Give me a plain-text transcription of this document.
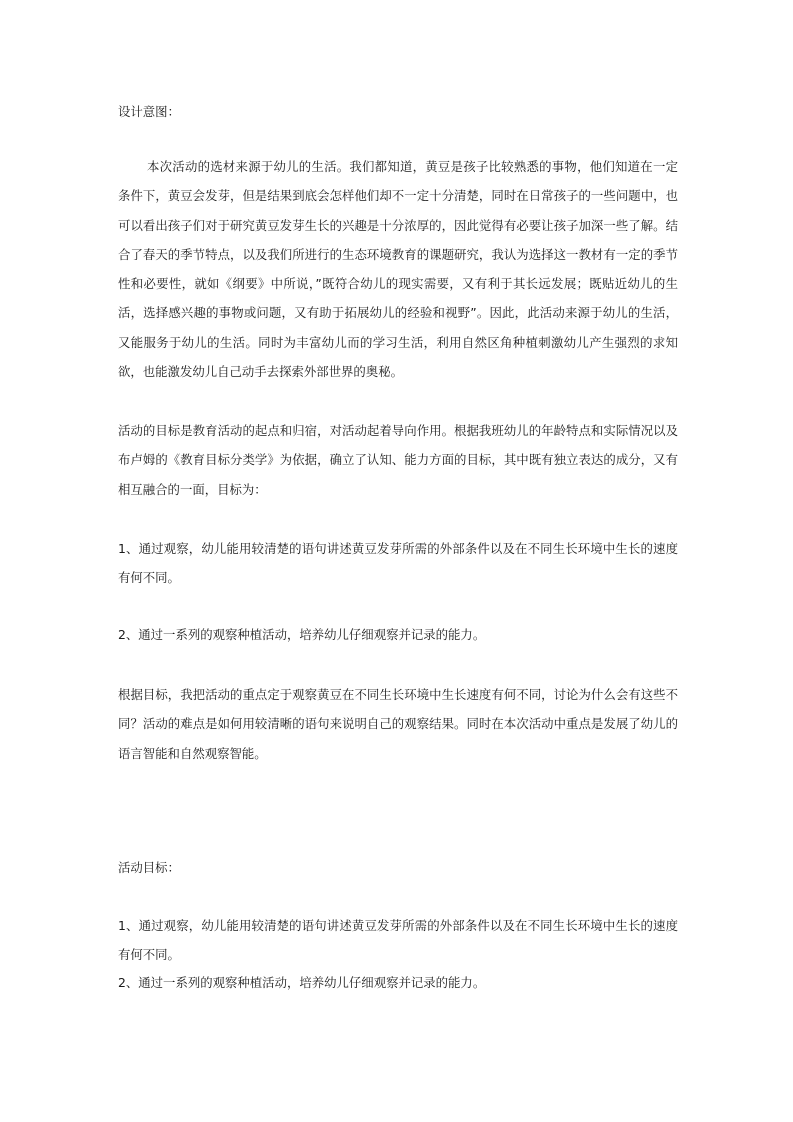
设计意图：

本次活动的选材来源于幼儿的生活。我们都知道，黄豆是孩子比较熟悉的事物，他们知道在一定条件下，黄豆会发芽，但是结果到底会怎样他们却不一定十分清楚，同时在日常孩子的一些问题中，也可以看出孩子们对于研究黄豆发芽生长的兴趣是十分浓厚的，因此觉得有必要让孩子加深一些了解。结合了春天的季节特点，以及我们所进行的生态环境教育的课题研究，我认为选择这一教材有一定的季节性和必要性，就如《纲要》中所说，”既符合幼儿的现实需要，又有利于其长远发展；既贴近幼儿的生活，选择感兴趣的事物或问题，又有助于拓展幼儿的经验和视野”。因此，此活动来源于幼儿的生活，又能服务于幼儿的生活。同时为丰富幼儿而的学习生活，利用自然区角种植刺激幼儿产生强烈的求知欲，也能激发幼儿自己动手去探索外部世界的奥秘。

活动的目标是教育活动的起点和归宿，对活动起着导向作用。根据我班幼儿的年龄特点和实际情况以及布卢姆的《教育目标分类学》为依据，确立了认知、能力方面的目标，其中既有独立表达的成分，又有相互融合的一面，目标为：

1、通过观察，幼儿能用较清楚的语句讲述黄豆发芽所需的外部条件以及在不同生长环境中生长的速度有何不同。

2、通过一系列的观察种植活动，培养幼儿仔细观察并记录的能力。

根据目标，我把活动的重点定于观察黄豆在不同生长环境中生长速度有何不同，讨论为什么会有这些不同？活动的难点是如何用较清晰的语句来说明自己的观察结果。同时在本次活动中重点是发展了幼儿的语言智能和自然观察智能。

活动目标：

1、通过观察，幼儿能用较清楚的语句讲述黄豆发芽所需的外部条件以及在不同生长环境中生长的速度有何不同。

2、通过一系列的观察种植活动，培养幼儿仔细观察并记录的能力。
